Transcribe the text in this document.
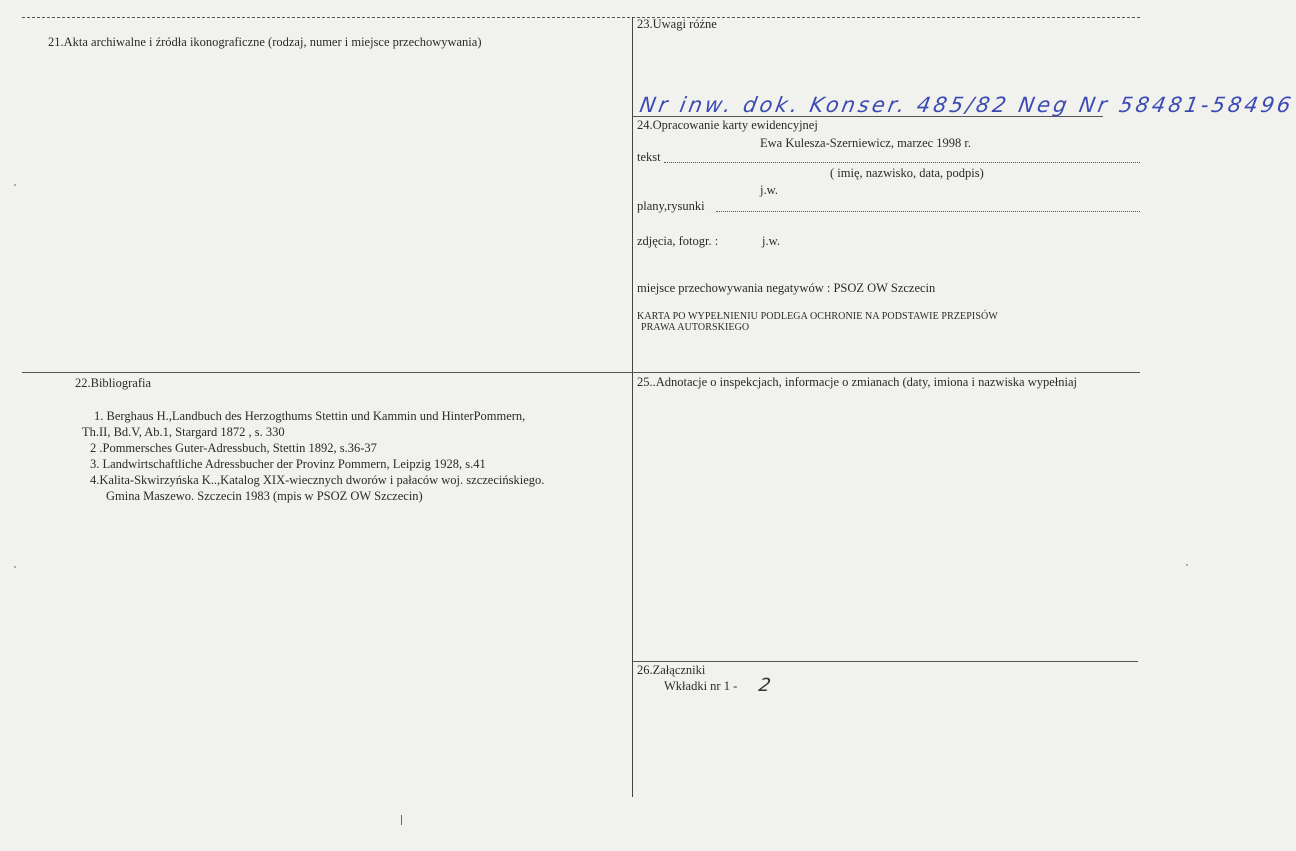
21.Akta archiwalne i źródła ikonograficzne (rodzaj, numer i miejsce przechowywania)
23.Uwagi różne
Nr inw. dok. Konser. 485/82 Neg Nr 58481-58496
24.Opracowanie karty ewidencyjnej
Ewa Kulesza-Szerniewicz, marzec 1998 r.
tekst
( imię, nazwisko, data, podpis)
j.w.
plany,rysunki
zdjęcia, fotogr. :	j.w.
miejsce przechowywania negatywów : PSOZ OW Szczecin
KARTA PO WYPEŁNIENIU PODLEGA OCHRONIE NA PODSTAWIE PRZEPISÓW
PRAWA AUTORSKIEGO
22.Bibliografia
1. Berghaus H.,Landbuch des Herzogthums Stettin und Kammin und HinterPommern,
Th.II, Bd.V, Ab.1, Stargard 1872 , s. 330
2 .Pommersches Guter-Adressbuch, Stettin 1892, s.36-37
3. Landwirtschaftliche Adressbucher der Provinz Pommern, Leipzig 1928, s.41
4.Kalita-Skwirzyńska K..,Katalog XIX-wiecznych dworów i pałaców woj. szczecińskiego.
Gmina Maszewo. Szczecin 1983 (mpis w PSOZ OW Szczecin)
25..Adnotacje o inspekcjach, informacje o zmianach (daty, imiona i nazwiska wypełniaj
26.Załączniki
Wkładki nr 1 - 2
